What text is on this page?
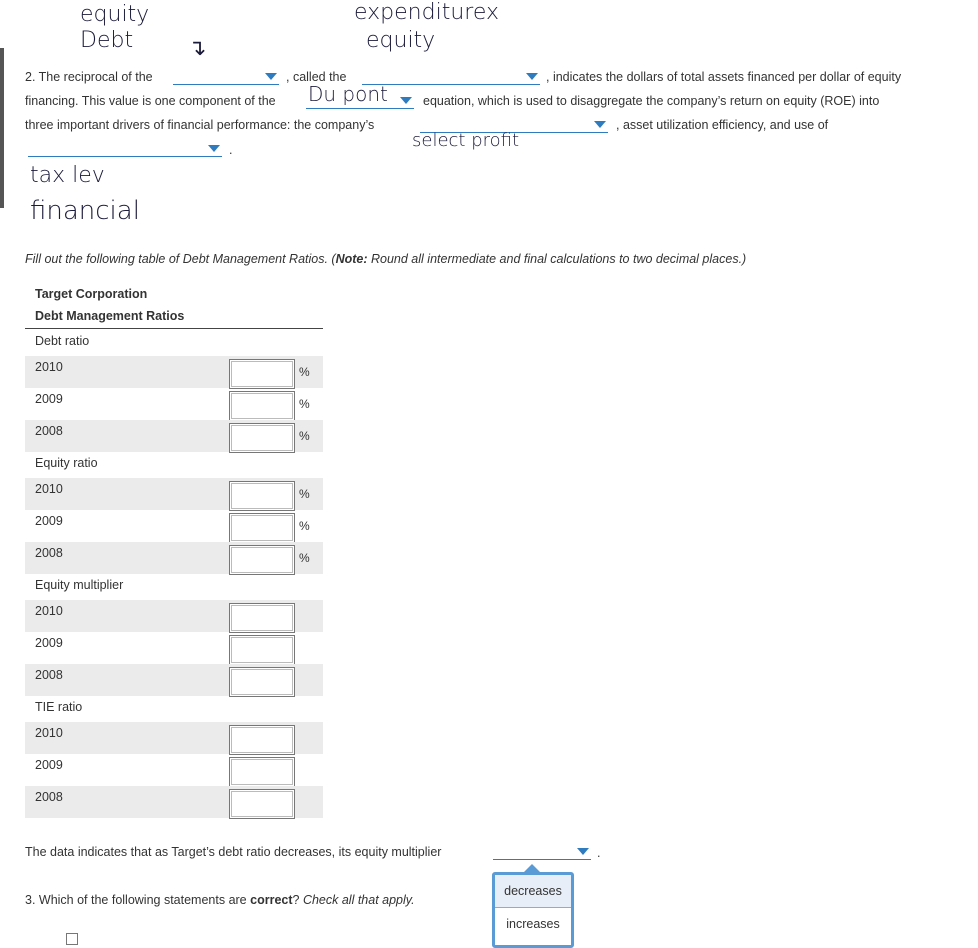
equity
Debt ↴
expenditurex
equity
2. The reciprocal of the	, called the	, indicates the dollars of total assets financed per dollar of equity
financing. This value is one component of the Du pont	equation, which is used to disaggregate the company’s return on equity (ROE) into
three important drivers of financial performance: the company’s	, asset utilization efficiency, and use of
select profit
.
tax lev
financial
Fill out the following table of Debt Management Ratios. (Note: Round all intermediate and final calculations to two decimal places.)
Target Corporation
Debt Management Ratios
Debt ratio
2010	%
2009	%
2008	%
Equity ratio
2010	%
2009	%
2008	%
Equity multiplier
2010
2009
2008
TIE ratio
2010
2009
2008
The data indicates that as Target’s debt ratio decreases, its equity multiplier	.
decreases
increases
3. Which of the following statements are correct? Check all that apply.
